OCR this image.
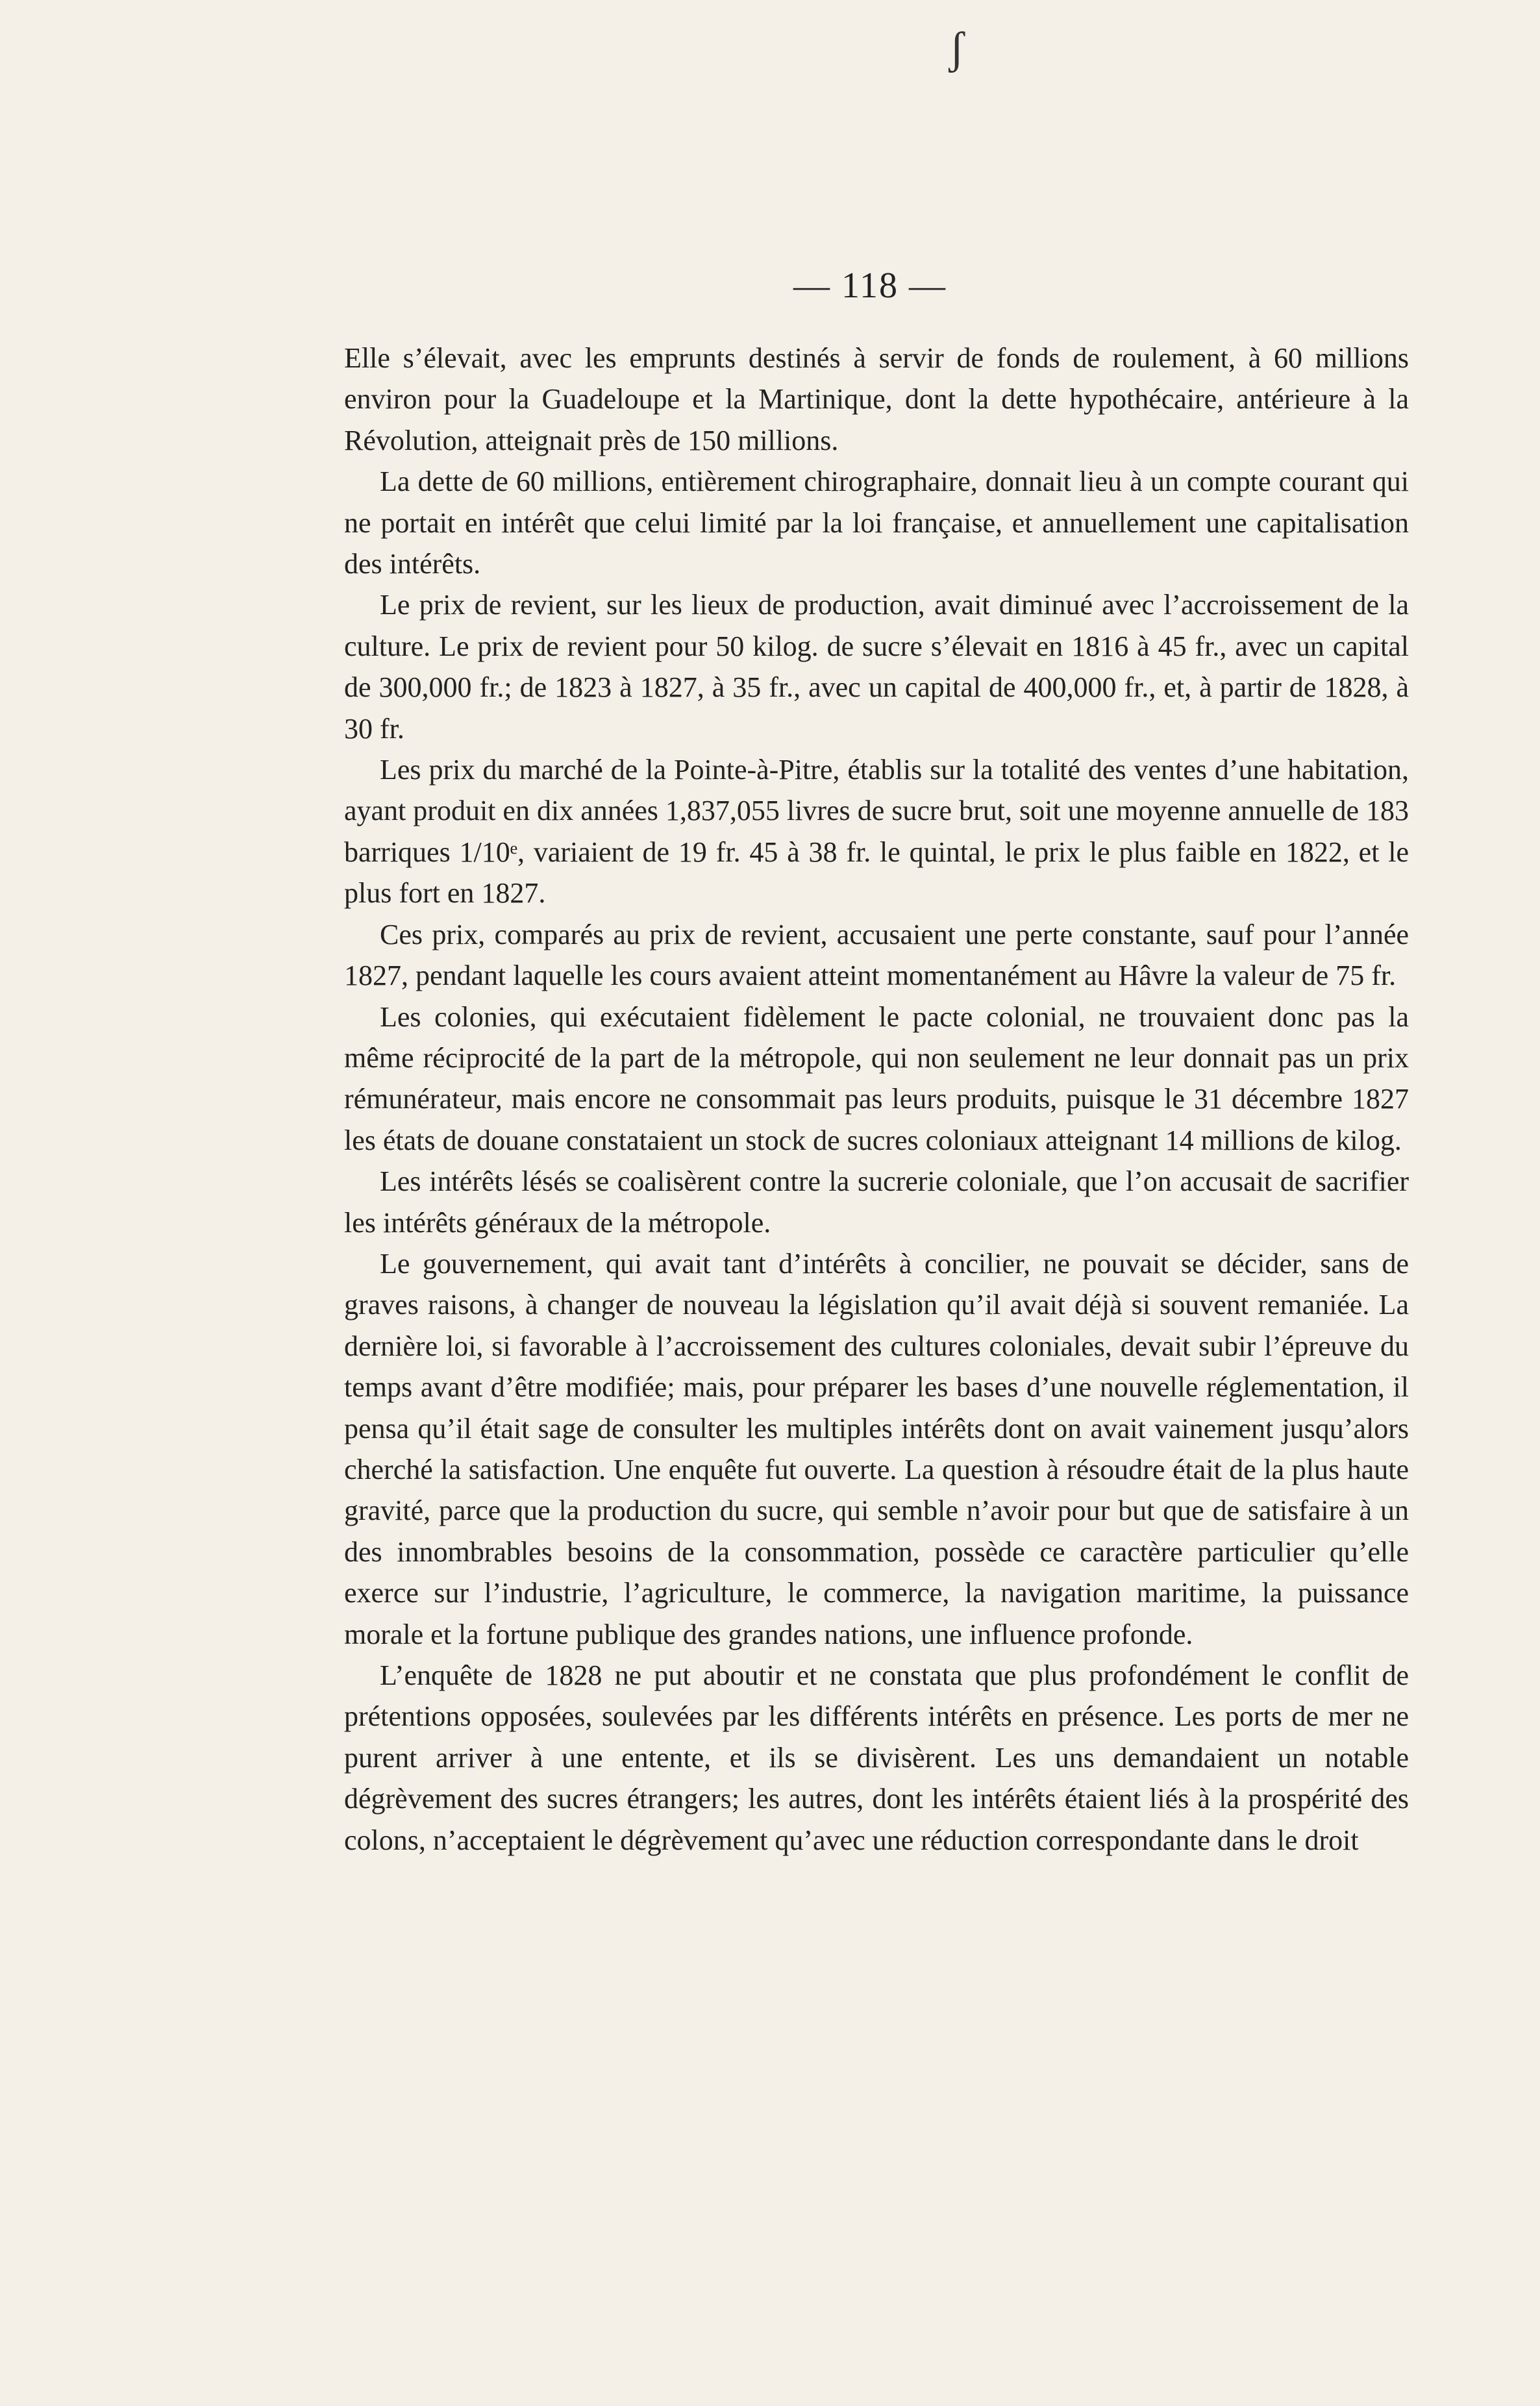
ʃ
— 118 —

Elle s’élevait, avec les emprunts destinés à servir de fonds de roulement, à 60 millions environ pour la Guadeloupe et la Martinique, dont la dette hypothécaire, antérieure à la Révolution, atteignait près de 150 millions.

La dette de 60 millions, entièrement chirographaire, donnait lieu à un compte courant qui ne portait en intérêt que celui limité par la loi française, et annuellement une capitalisation des intérêts.

Le prix de revient, sur les lieux de production, avait diminué avec l’accroissement de la culture. Le prix de revient pour 50 kilog. de sucre s’élevait en 1816 à 45 fr., avec un capital de 300,000 fr.; de 1823 à 1827, à 35 fr., avec un capital de 400,000 fr., et, à partir de 1828, à 30 fr.

Les prix du marché de la Pointe-à-Pitre, établis sur la totalité des ventes d’une habitation, ayant produit en dix années 1,837,055 livres de sucre brut, soit une moyenne annuelle de 183 barriques 1/10ᵉ, variaient de 19 fr. 45 à 38 fr. le quintal, le prix le plus faible en 1822, et le plus fort en 1827.

Ces prix, comparés au prix de revient, accusaient une perte constante, sauf pour l’année 1827, pendant laquelle les cours avaient atteint momentanément au Hâvre la valeur de 75 fr.

Les colonies, qui exécutaient fidèlement le pacte colonial, ne trouvaient donc pas la même réciprocité de la part de la métropole, qui non seulement ne leur donnait pas un prix rémunérateur, mais encore ne consommait pas leurs produits, puisque le 31 décembre 1827 les états de douane constataient un stock de sucres coloniaux atteignant 14 millions de kilog.

Les intérêts lésés se coalisèrent contre la sucrerie coloniale, que l’on accusait de sacrifier les intérêts généraux de la métropole.

Le gouvernement, qui avait tant d’intérêts à concilier, ne pouvait se décider, sans de graves raisons, à changer de nouveau la législation qu’il avait déjà si souvent remaniée. La dernière loi, si favorable à l’accroissement des cultures coloniales, devait subir l’épreuve du temps avant d’être modifiée; mais, pour préparer les bases d’une nouvelle réglementation, il pensa qu’il était sage de consulter les multiples intérêts dont on avait vainement jusqu’alors cherché la satisfaction. Une enquête fut ouverte. La question à résoudre était de la plus haute gravité, parce que la production du sucre, qui semble n’avoir pour but que de satisfaire à un des innombrables besoins de la consommation, possède ce caractère particulier qu’elle exerce sur l’industrie, l’agriculture, le commerce, la navigation maritime, la puissance morale et la fortune publique des grandes nations, une influence profonde.

L’enquête de 1828 ne put aboutir et ne constata que plus profondément le conflit de prétentions opposées, soulevées par les différents intérêts en présence. Les ports de mer ne purent arriver à une entente, et ils se divisèrent. Les uns demandaient un notable dégrèvement des sucres étrangers; les autres, dont les intérêts étaient liés à la prospérité des colons, n’acceptaient le dégrèvement qu’avec une réduction correspondante dans le droit
